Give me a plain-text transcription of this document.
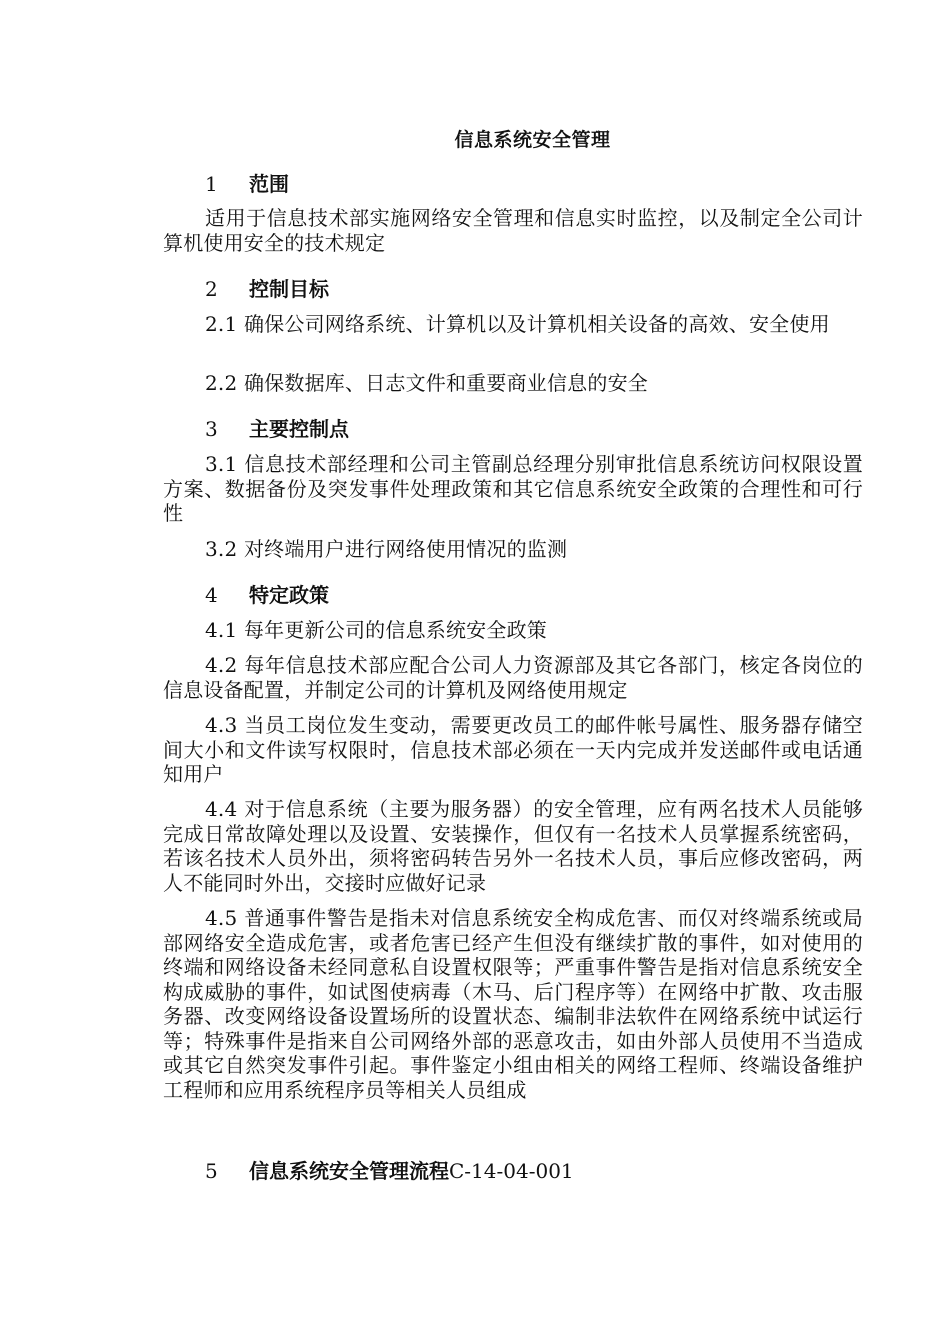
信息系统安全管理
1 范围
适用于信息技术部实施网络安全管理和信息实时监控，以及制定全公司计算机使用安全的技术规定
2 控制目标
2.1 确保公司网络系统、计算机以及计算机相关设备的高效、安全使用
2.2 确保数据库、日志文件和重要商业信息的安全
3 主要控制点
3.1 信息技术部经理和公司主管副总经理分别审批信息系统访问权限设置方案、数据备份及突发事件处理政策和其它信息系统安全政策的合理性和可行性
3.2 对终端用户进行网络使用情况的监测
4 特定政策
4.1 每年更新公司的信息系统安全政策
4.2 每年信息技术部应配合公司人力资源部及其它各部门，核定各岗位的信息设备配置，并制定公司的计算机及网络使用规定
4.3 当员工岗位发生变动，需要更改员工的邮件帐号属性、服务器存储空间大小和文件读写权限时，信息技术部必须在一天内完成并发送邮件或电话通知用户
4.4 对于信息系统（主要为服务器）的安全管理，应有两名技术人员能够完成日常故障处理以及设置、安装操作，但仅有一名技术人员掌握系统密码，若该名技术人员外出，须将密码转告另外一名技术人员，事后应修改密码，两人不能同时外出，交接时应做好记录
4.5 普通事件警告是指未对信息系统安全构成危害、而仅对终端系统或局部网络安全造成危害，或者危害已经产生但没有继续扩散的事件，如对使用的终端和网络设备未经同意私自设置权限等；严重事件警告是指对信息系统安全构成威胁的事件，如试图使病毒（木马、后门程序等）在网络中扩散、攻击服务器、改变网络设备设置场所的设置状态、编制非法软件在网络系统中试运行等；特殊事件是指来自公司网络外部的恶意攻击，如由外部人员使用不当造成或其它自然突发事件引起。事件鉴定小组由相关的网络工程师、终端设备维护工程师和应用系统程序员等相关人员组成
5 信息系统安全管理流程C-14-04-001
